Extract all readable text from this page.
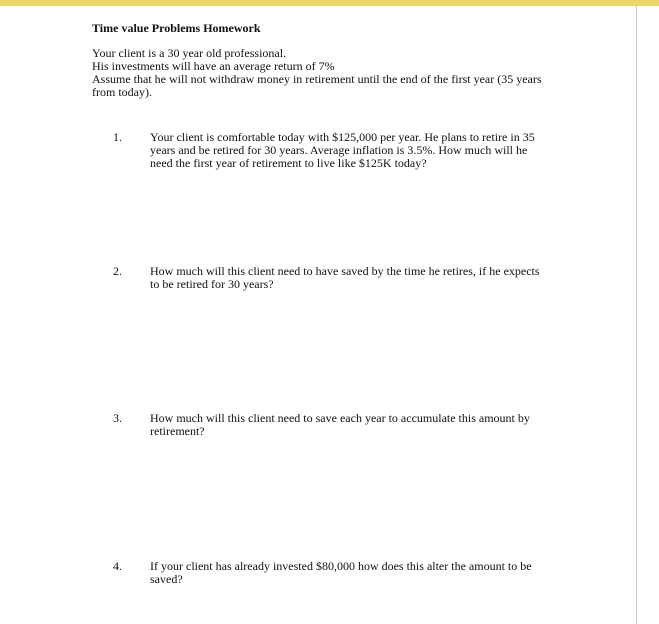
Time value Problems Homework

Your client is a 30 year old professional.

His investments will have an average return of 7%

Assume that he will not withdraw money in retirement until the end of the first year (35 years from today).

1.	Your client is comfortable today with $125,000 per year. He plans to retire in 35 years and be retired for 30 years. Average inflation is 3.5%. How much will he need the first year of retirement to live like $125K today?
2.	How much will this client need to have saved by the time he retires, if he expects to be retired for 30 years?
3.	How much will this client need to save each year to accumulate this amount by retirement?
4.	If your client has already invested $80,000 how does this alter the amount to be saved?
